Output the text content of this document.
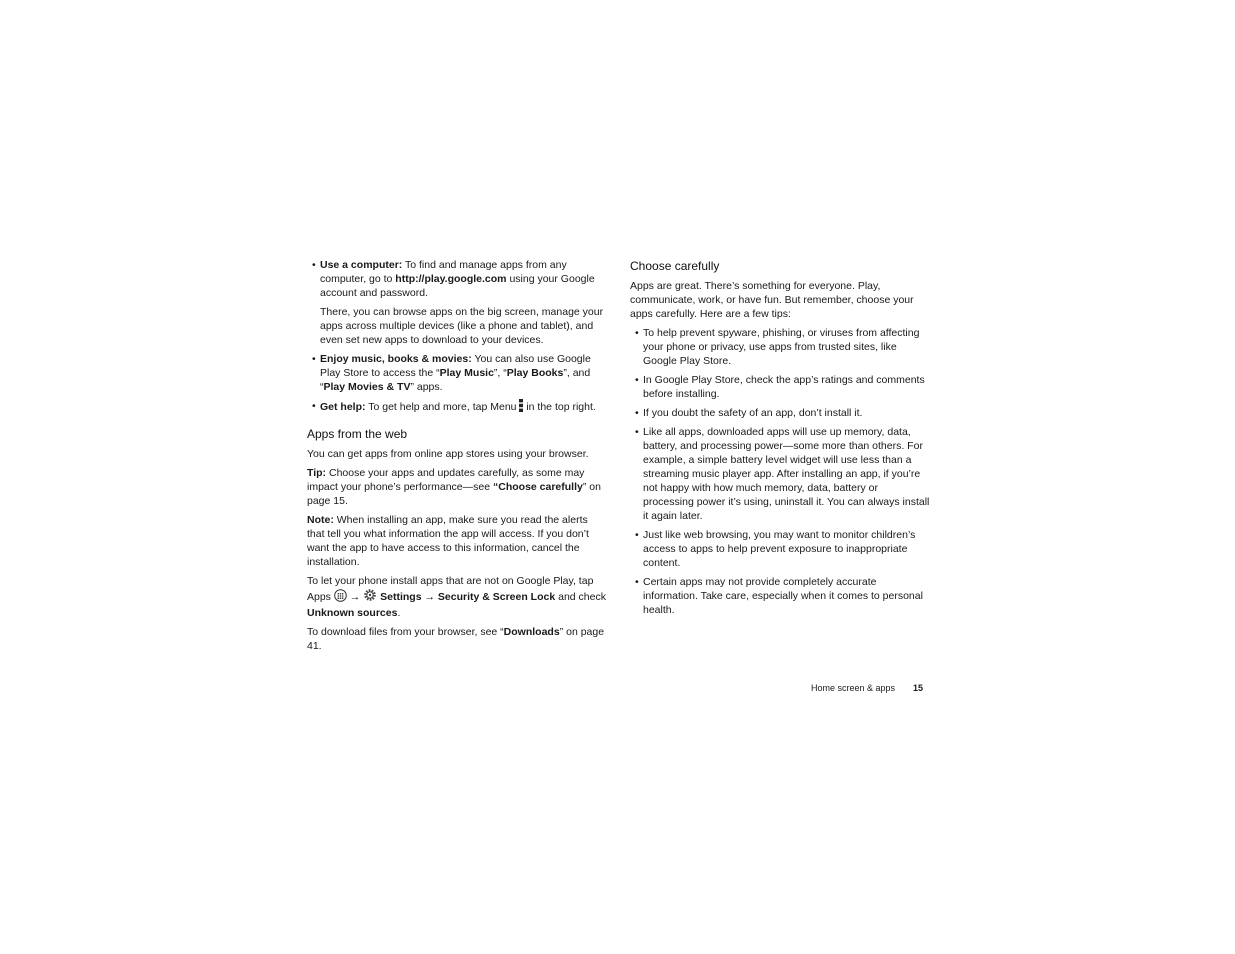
• Use a computer: To find and manage apps from any computer, go to http://play.google.com using your Google account and password.

There, you can browse apps on the big screen, manage your apps across multiple devices (like a phone and tablet), and even set new apps to download to your devices.

• Enjoy music, books & movies: You can also use Google Play Store to access the “Play Music”, “Play Books”, and “Play Movies & TV” apps.
• Get help: To get help and more, tap Menu  in the top right.
Apps from the web

You can get apps from online app stores using your browser.

Tip: Choose your apps and updates carefully, as some may impact your phone’s performance—see “Choose carefully” on page 15.

Note: When installing an app, make sure you read the alerts that tell you what information the app will access. If you don’t want the app to have access to this information, cancel the installation.

To let your phone install apps that are not on Google Play, tap Apps  → Settings → Security & Screen Lock and check Unknown sources.

To download files from your browser, see “Downloads” on page 41.

Choose carefully

Apps are great. There’s something for everyone. Play, communicate, work, or have fun. But remember, choose your apps carefully. Here are a few tips:

• To help prevent spyware, phishing, or viruses from affecting your phone or privacy, use apps from trusted sites, like Google Play Store.
• In Google Play Store, check the app’s ratings and comments before installing.
• If you doubt the safety of an app, don’t install it.
• Like all apps, downloaded apps will use up memory, data, battery, and processing power—some more than others. For example, a simple battery level widget will use less than a streaming music player app. After installing an app, if you’re not happy with how much memory, data, battery or processing power it’s using, uninstall it. You can always install it again later.
• Just like web browsing, you may want to monitor children’s access to apps to help prevent exposure to inappropriate content.
• Certain apps may not provide completely accurate information. Take care, especially when it comes to personal health.
Home screen & apps 15
